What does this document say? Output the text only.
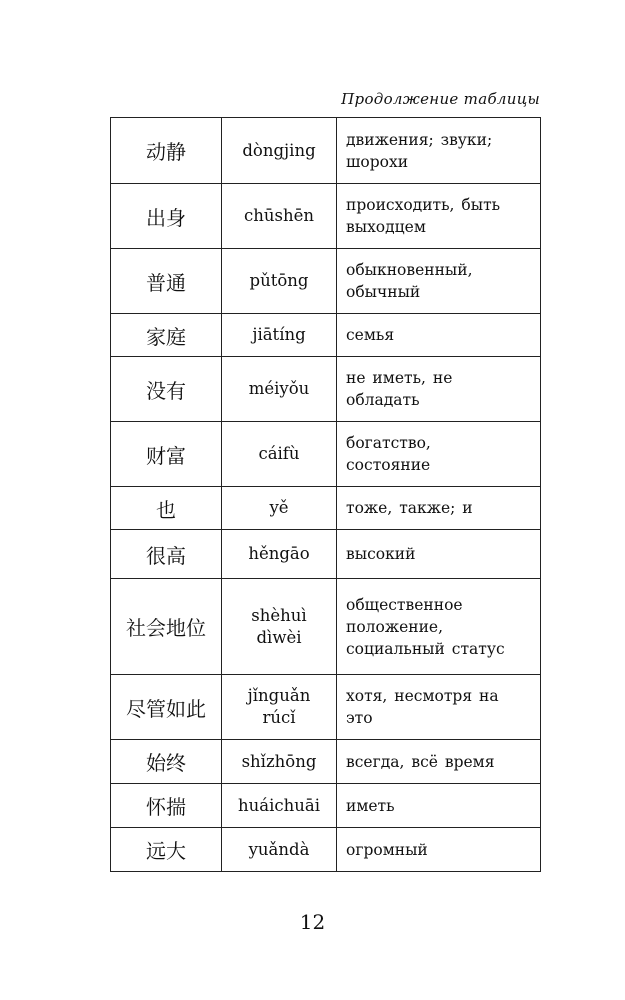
Продолжение таблицы
动静	dòngjing	движения; звуки; шорохи

出身	chūshēn	происходить, быть выходцем

普通	pǔtōng	обыкновенный, обычный

家庭	jiātíng	семья

没有	méiyǒu	не иметь, не обладать

财富	cáifù	богатство, состояние

也	yě	тоже, также; и

很高	hěngāo	высокий

社会地位	shèhuì dìwèi	общественное положение, социальный статус

尽管如此	jǐnguǎn rúcǐ	хотя, несмотря на это

始终	shǐzhōng	всегда, всё время

怀揣	huáichuāi	иметь

远大	yuǎndà	огромный
12
